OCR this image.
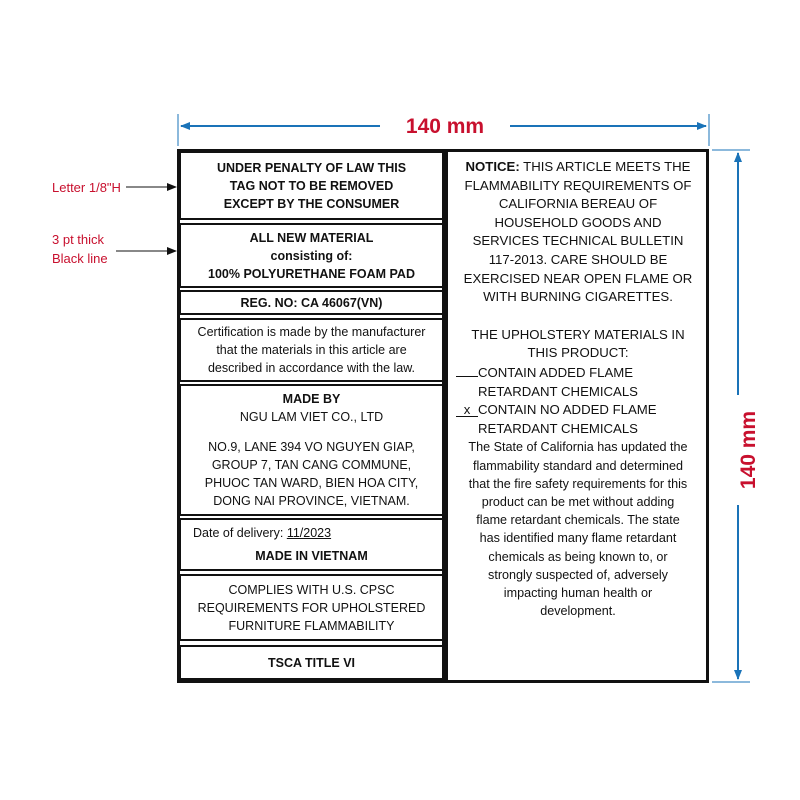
140 mm
140 mm
Letter 1/8"H
3 pt thick
Black line
UNDER PENALTY OF LAW THIS
TAG NOT TO BE REMOVED
EXCEPT BY THE CONSUMER
ALL NEW MATERIAL
consisting of:
100% POLYURETHANE FOAM PAD
REG. NO: CA 46067(VN)
Certification is made by the manufacturer
that the materials in this article are
described in accordance with the law.
MADE BY
NGU LAM VIET CO., LTD
NO.9, LANE 394 VO NGUYEN GIAP,
GROUP 7, TAN CANG COMMUNE,
PHUOC TAN WARD, BIEN HOA CITY,
DONG NAI PROVINCE, VIETNAM.
Date of delivery: 11/2023
MADE IN VIETNAM
COMPLIES WITH U.S. CPSC
REQUIREMENTS FOR UPHOLSTERED
FURNITURE FLAMMABILITY
TSCA TITLE VI

NOTICE: THIS ARTICLE MEETS THE

FLAMMABILITY REQUIREMENTS OF

CALIFORNIA BEREAU OF

HOUSEHOLD GOODS AND

SERVICES TECHNICAL BULLETIN

117-2013. CARE SHOULD BE

EXERCISED NEAR OPEN FLAME OR

WITH BURNING CIGARETTES.

THE UPHOLSTERY MATERIALS IN

THIS PRODUCT:

CONTAIN ADDED FLAME

RETARDANT CHEMICALS

x CONTAIN NO ADDED FLAME

RETARDANT CHEMICALS

The State of California has updated the

flammability standard and determined

that the fire safety requirements for this

product can be met without adding

flame retardant chemicals. The state

has identified many flame retardant

chemicals as being known to, or

strongly suspected of, adversely

impacting human health or

development.
